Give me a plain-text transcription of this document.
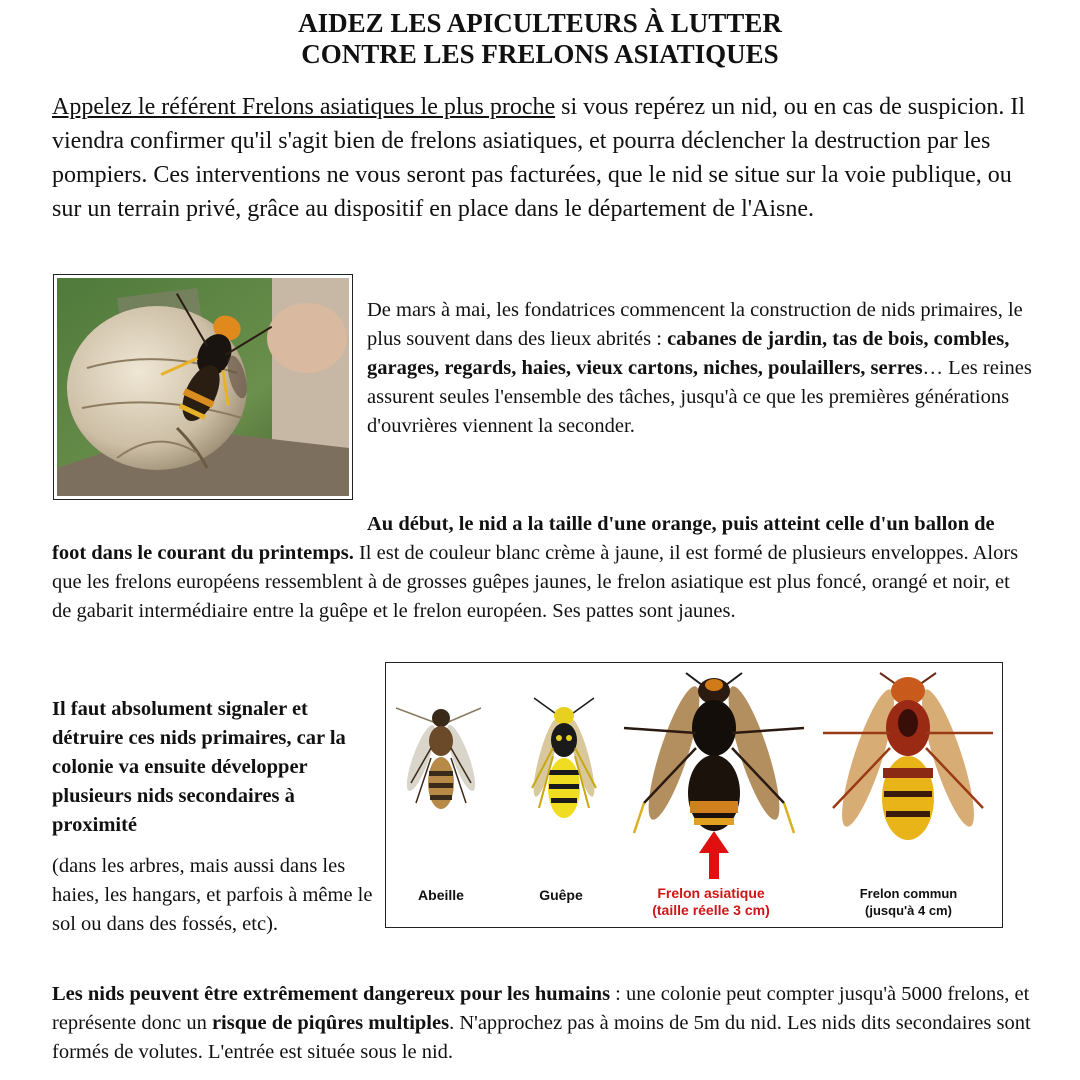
AIDEZ LES APICULTEURS À LUTTER
CONTRE LES FRELONS ASIATIQUES
Appelez le référent Frelons asiatiques le plus proche si vous repérez un nid, ou en cas de suspicion. Il viendra confirmer qu'il s'agit bien de frelons asiatiques, et pourra déclencher la destruction par les pompiers. Ces interventions ne vous seront pas facturées, que le nid se situe sur la voie publique, ou sur un terrain privé, grâce au dispositif en place dans le département de l'Aisne.
De mars à mai, les fondatrices commencent la construction de nids primaires, le plus souvent dans des lieux abrités : cabanes de jardin, tas de bois, combles, garages, regards, haies, vieux cartons, niches, poulaillers, serres… Les reines assurent seules l'ensemble des tâches, jusqu'à ce que les premières générations d'ouvrières viennent la seconder.
Au début, le nid a la taille d'une orange, puis atteint celle d'un ballon de foot dans le courant du printemps. Il est de couleur blanc crème à jaune, il est formé de plusieurs enveloppes. Alors que les frelons européens ressemblent à de grosses guêpes jaunes, le frelon asiatique est plus foncé, orangé et noir, et de gabarit intermédiaire entre la guêpe et le frelon européen. Ses pattes sont jaunes.
Il faut absolument signaler et détruire ces nids primaires, car la colonie va ensuite développer plusieurs nids secondaires à proximité
(dans les arbres, mais aussi dans les haies, les hangars, et parfois à même le sol ou dans des fossés, etc).
Abeille	Guêpe	Frelon asiatique
(taille réelle 3 cm)
Frelon commun
(jusqu'à 4 cm)
Les nids peuvent être extrêmement dangereux pour les humains : une colonie peut compter jusqu'à 5000 frelons, et représente donc un risque de piqûres multiples. N'approchez pas à moins de 5m du nid. Les nids dits secondaires sont formés de volutes. L'entrée est située sous le nid.
